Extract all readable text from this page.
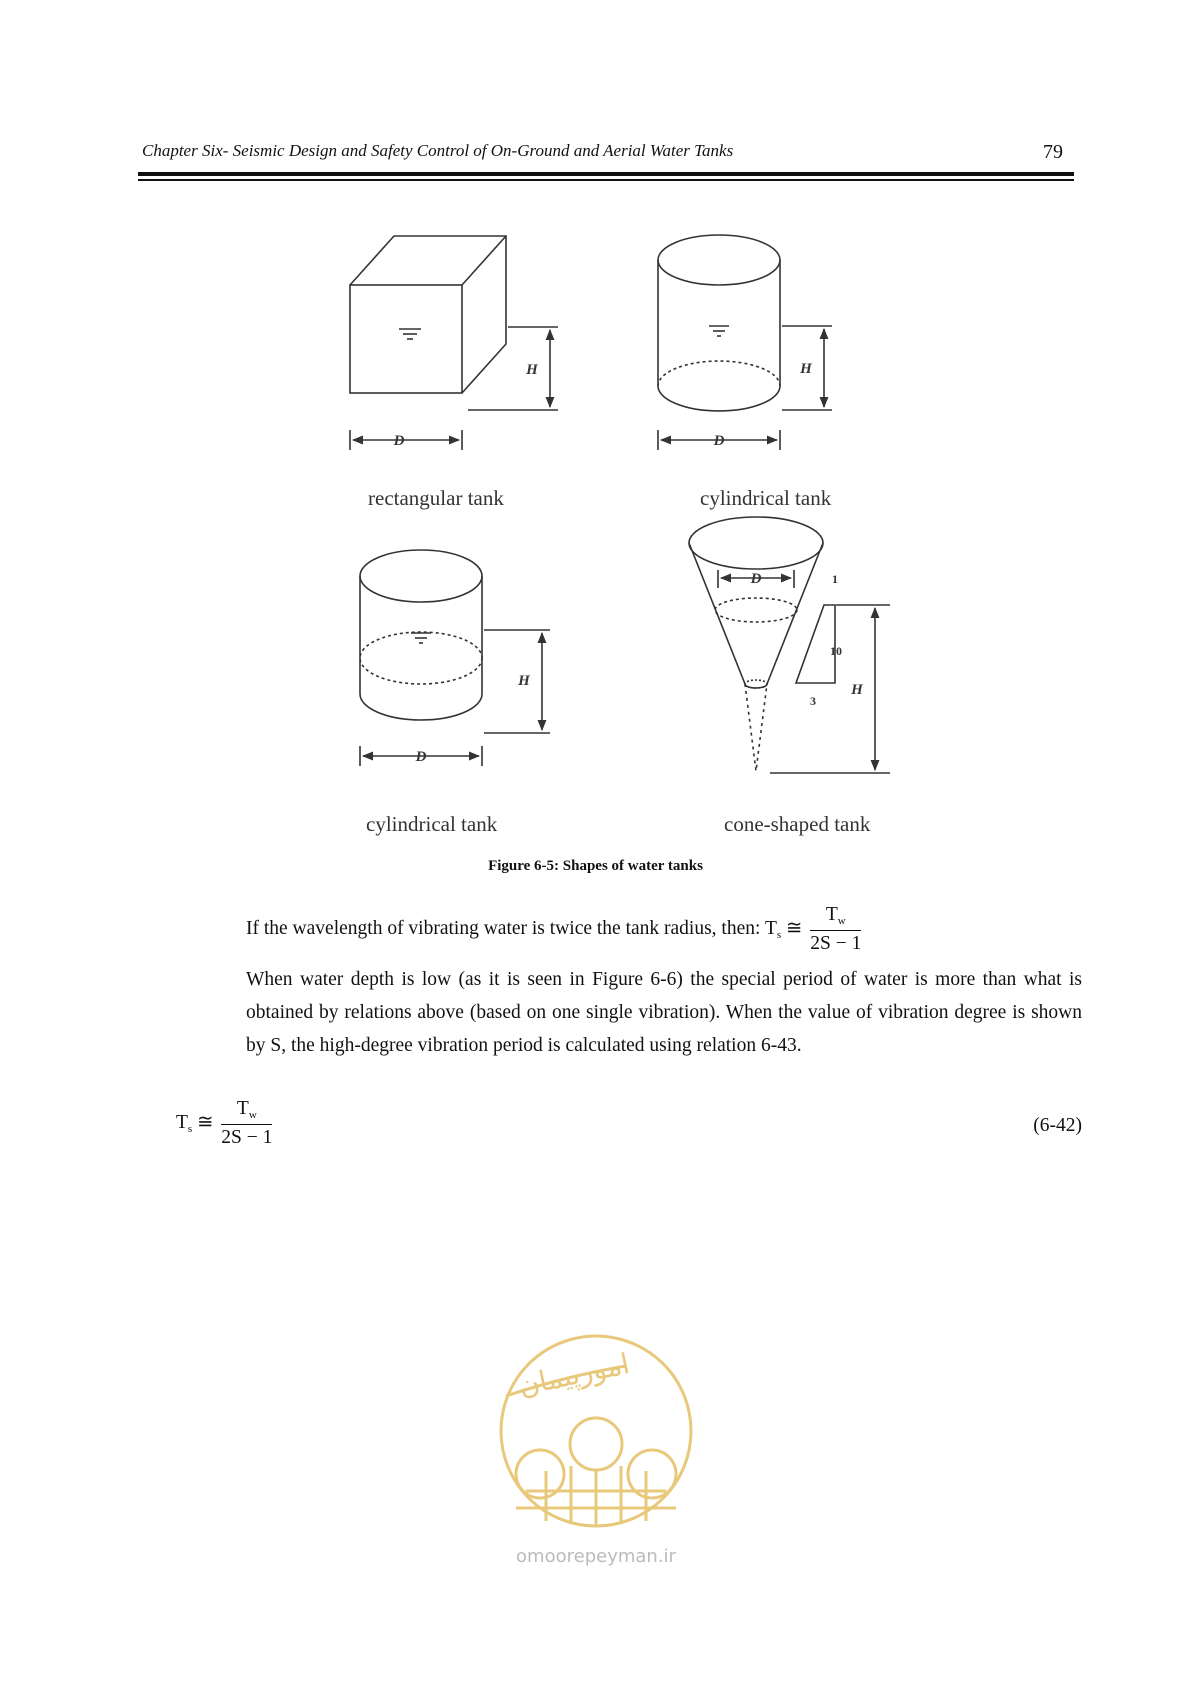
Chapter Six- Seismic Design and Safety Control of On-Ground and Aerial Water Tanks	79
H
D
H
D
H
D
D
H
1
10
3
rectangular tank	cylindrical tank
cylindrical tank	cone-shaped tank
Figure 6-5: Shapes of water tanks
If the wavelength of vibrating water is twice the tank radius, then: $T_s$ ≅ $\frac{T_w}{2S - 1}$
When water depth is low (as it is seen in Figure 6-6) the special period of water is more than what is obtained by relations above (based on one single vibration). When the value of vibration degree is shown by S, the high-degree vibration period is calculated using relation 6-43.
$T_s$ ≅ $\frac{T_w}{2S - 1}$	(6-42)
امورپیمان
omoorepeyman.ir
